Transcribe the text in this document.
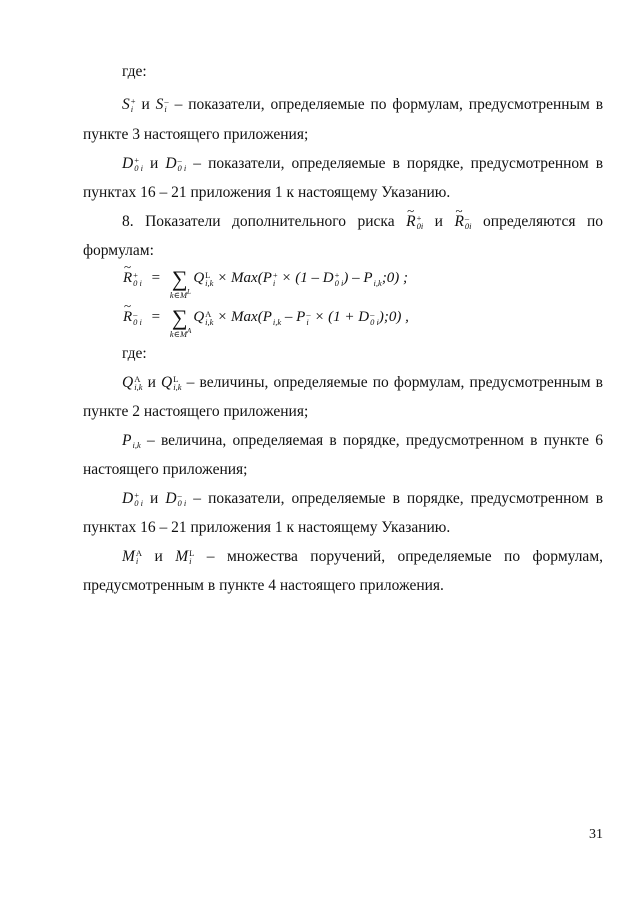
где:
S +
i и S –
i – показатели, определяемые по формулам, предусмотренным в
пункте 3 настоящего приложения;
D +
0 i и D –
0 i – показатели, определяемые в порядке, предусмотренном в
пунктах 16 – 21 приложения 1 к настоящему Указанию.
8. Показатели дополнительного риска ~ R +
0i и ~ R –
0i определяются по
формулам:
~ R +
0 i = ∑
$k\in M^L$
Q L
i,k × Max(P +
i × (1 – D +
0 i ) – P
i,k ;0) ;
~ R –
0 i = ∑
$k\in M^A$
Q A
i,k × Max(P
i,k – P –
i × (1 + D –
0 i );0) ,
где:
Q A
i,k и Q L
i,k – величины, определяемые по формулам, предусмотренным в
пункте 2 настоящего приложения;
P
i,k – величина, определяемая в порядке, предусмотренном в пункте 6
настоящего приложения;
D +
0 i и D –
0 i – показатели, определяемые в порядке, предусмотренном в
пунктах 16 – 21 приложения 1 к настоящему Указанию.
M A
i и M L
i – множества поручений, определяемые по формулам,
предусмотренным в пункте 4 настоящего приложения.
31
